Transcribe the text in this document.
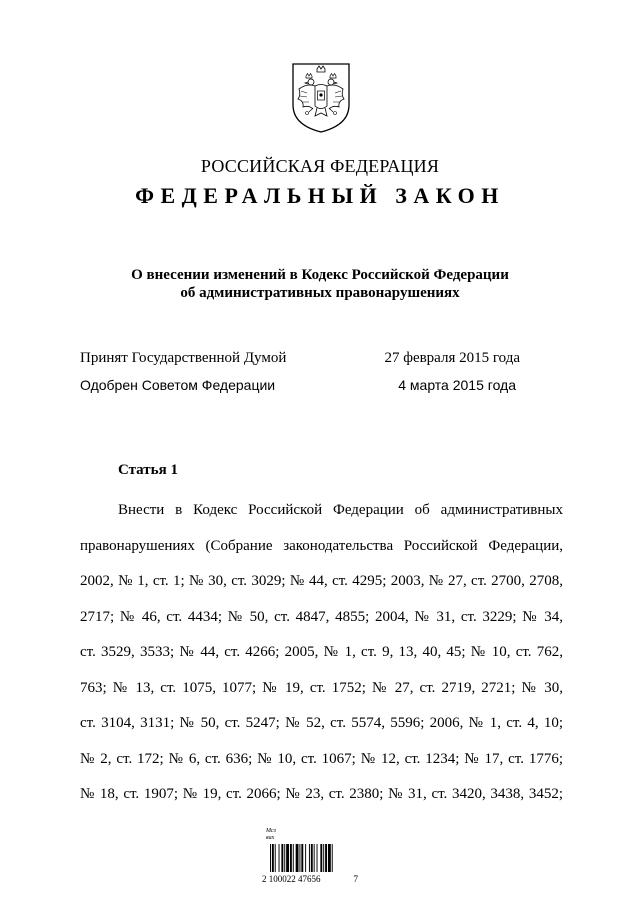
РОССИЙСКАЯ ФЕДЕРАЦИЯ
ФЕДЕРАЛЬНЫЙ ЗАКОН
О внесении изменений в Кодекс Российской Федерации
об административных правонарушениях
Принят Государственной Думой	27 февраля 2015 года
Одобрен Советом Федерации	4 марта 2015 года
Статья 1
Внести в Кодекс Российской Федерации об административных
правонарушениях (Собрание законодательства Российской Федерации,
2002, № 1, ст. 1; № 30, ст. 3029; № 44, ст. 4295; 2003, № 27, ст. 2700, 2708,
2717; № 46, ст. 4434; № 50, ст. 4847, 4855; 2004, № 31, ст. 3229; № 34,
ст. 3529, 3533; № 44, ст. 4266; 2005, № 1, ст. 9, 13, 40, 45; № 10, ст. 762,
763; № 13, ст. 1075, 1077; № 19, ст. 1752; № 27, ст. 2719, 2721; № 30,
ст. 3104, 3131; № 50, ст. 5247; № 52, ст. 5574, 5596; 2006, № 1, ст. 4, 10;
№ 2, ст. 172; № 6, ст. 636; № 10, ст. 1067; № 12, ст. 1234; № 17, ст. 1776;
№ 18, ст. 1907; № 19, ст. 2066; № 23, ст. 2380; № 31, ст. 3420, 3438, 3452;
Мсз
вах
2 100022 47656	7
